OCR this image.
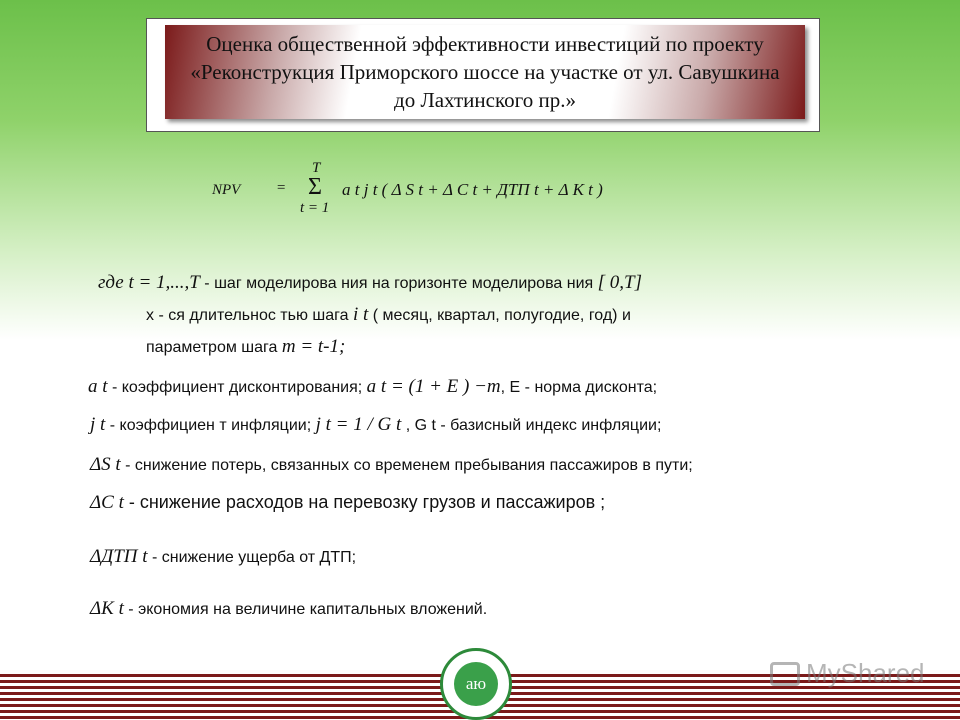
Оценка общественной эффективности инвестиций по проекту «Реконструкция Приморского шоссе на участке от ул. Савушкина до Лахтинского пр.»
NPV =
T
Σ
t = 1
a t j t ( Δ S t + Δ C t + ДТП t + Δ K t )
где t = 1,...,T - шаг моделирова ния на горизонте моделирова ния [ 0,T]
х - ся длительнос тью шага i t ( месяц, квартал, полугодие, год) и
параметром шага m = t-1;
a t - коэффициент дисконтирования; a t = (1 + E ) −m, E - норма дисконта;
j t - коэффициен т инфляции; j t = 1 / G t , G t - базисный индекс инфляции;
ΔS t - снижение потерь, связанных со временем пребывания пассажиров в пути;
ΔC t - снижение расходов на перевозку грузов и пассажиров ;
ΔДТП t - снижение ущерба от ДТП;
ΔK t - экономия на величине капитальных вложений.
аю	MyShared
